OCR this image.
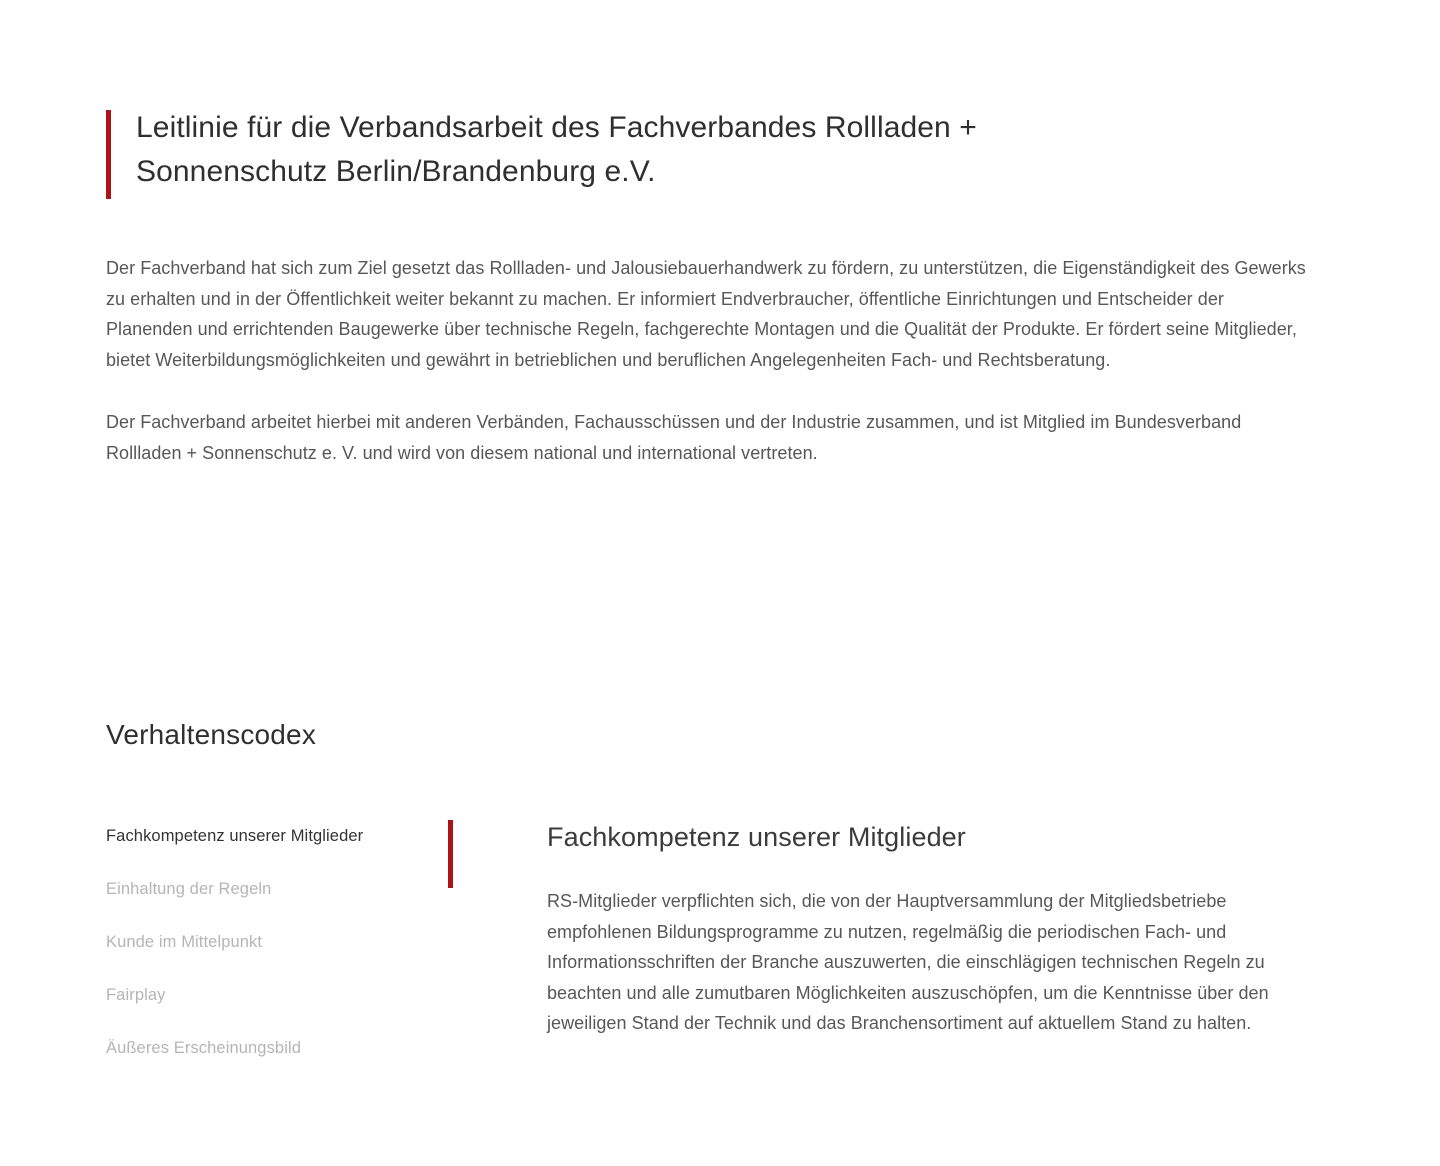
Leitlinie für die Verbandsarbeit des Fachverbandes Rollladen + Sonnenschutz Berlin/Brandenburg e.V.

Der Fachverband hat sich zum Ziel gesetzt das Rollladen- und Jalousiebauerhandwerk zu fördern, zu unterstützen, die Eigenständigkeit des Gewerks zu erhalten und in der Öffentlichkeit weiter bekannt zu machen. Er informiert Endverbraucher, öffentliche Einrichtungen und Entscheider der Planenden und errichtenden Baugewerke über technische Regeln, fachgerechte Montagen und die Qualität der Produkte. Er fördert seine Mitglieder, bietet Weiterbildungsmöglichkeiten und gewährt in betrieblichen und beruflichen Angelegenheiten Fach- und Rechtsberatung.

Der Fachverband arbeitet hierbei mit anderen Verbänden, Fachausschüssen und der Industrie zusammen, und ist Mitglied im Bundesverband Rollladen + Sonnenschutz e. V. und wird von diesem national und international vertreten.

Verhaltenscodex
Fachkompetenz unserer Mitglieder
Einhaltung der Regeln
Kunde im Mittelpunkt
Fairplay
Äußeres Erscheinungsbild
Fachkompetenz unserer Mitglieder

RS-Mitglieder verpflichten sich, die von der Hauptversammlung der Mitgliedsbetriebe empfohlenen Bildungsprogramme zu nutzen, regelmäßig die periodischen Fach- und Informationsschriften der Branche auszuwerten, die einschlägigen technischen Regeln zu beachten und alle zumutbaren Möglichkeiten auszuschöpfen, um die Kenntnisse über den jeweiligen Stand der Technik und das Branchensortiment auf aktuellem Stand zu halten.
